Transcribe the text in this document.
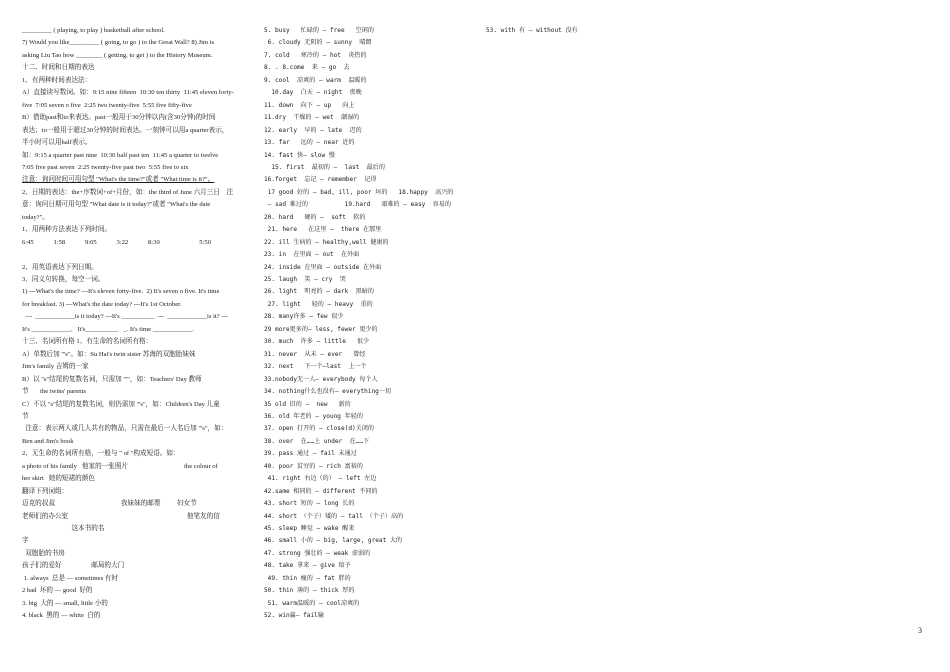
_________ ( playing, to play ) basketball after school.
7) Would you like_________ ( going, to go ) to the Great Wall? 8) Jim is
asking Liu Tao how ________ ( getting, to get ) to the History Museum.
十二、时间和日期的表达
1、有两种时间表达法：
A）直接读写数词。如：9:15 nine fifteen  10:30 ten thirty  11:45 eleven forty-
five  7:05 seven o five  2:25 two twenty-five  5:55 five fifty-five
B）借助past和to来表达。past一般用于30分钟以内(含30分钟)的时间
表达；to一般用于超过30分钟的时间表达。一刻钟可以用a quarter表示，
半小时可以用half表示。
如：9:15 a quarter past nine  10:30 half past ten  11:45 a quarter to twelve
7:05 five past seven  2:25 twenty-five past two  5:55 five to six
注意：询问时间可用句型 "What's the time?"或者 "What time is it?"。
2、日期的表达：the+序数词+of+月份，如：the third of June 六月三日    注
意：询问日期可用句型 "What date is it today?"或者 "What's the date
today?"。
1、用两种方法表达下列时间。
6:45            1:58            9:05            3:22            8:30                        5:50
2、用英语表达下列日期。
3、同义句转换，每空一词。
1) ---What's the time? ---It's eleven forty-five.  2) It's seven o five. It's time
for breakfast. 3) ---What's the date today? ---It's 1st October.
---  ____________is it today? ---It's __________  ---  ____________is it? ---
It's ____________.   It's__________   _. It's time ____________.
十三、名词所有格 1、有生命的名词所有格：
A）单数后加 "'s"。如：Su Hai's twin sister 苏海的双胞胎妹妹
Jim's family 吉姆的一家
B）以 "s"结尾的复数名词，只需加 "'"，如：Teachers' Day 教师
节       the twins' parents
C）不以 "s"结尾的复数名词，则仍需加 "'s"，如：Children's Day 儿童
节
注意：表示两人或几人共有的物品，只需在最后一人名后加 "'s"，如：
Ben and Jim's book
2、无生命的名词所有格，一般与 " of "构成短语。如：
a photo of his family   他家的一张照片                                  the colour of
her skirt   她的短裙的颜色
翻译下列词组：
迈克的叔叔                                        我妹妹的邮票          妇女节
老师们的办公室                                                                        他笔友的信
这本书的名
字
双胞胎的书房
孩子们的爱好                  邮局的大门
1. always  总是 — sometimes 有时
2 bad  坏的 — good  好的
3. big  大的 — small, little 小的
4. black  黑的 — white  白的
5. busy   忙碌的 — free   空闲的
6. cloudy 无阴的 — sunny  晴朗
7. cold   寒冷的 — hot  炎热的
8. . 8.come  来 — go  去
9. cool  凉爽的 — warm  温暖的
10.day  白天 — night  夜晚
11. down  向下 — up   向上
11.dry  干燥的 — wet  潮湿的
12. early  早的 — late  迟的
13. far   远的 — near 近的
14. fast 快— slow 慢
15. first  最初的 —  last  最后的
16.forget  忘记 — remember  记得
17 good 好的 — bad, ill, poor 坏的   18.happy  高兴的
— sad 难过的          19.hard   艰难的 — easy  容易的
20. hard   硬的 —  soft  软的
21. here   在这里 —  there 在那里
22. ill 生病的 — healthy,well 健康的
23. in  在里面 — out  在外面
24. inside 在里面 — outside 在外面
25. laugh  笑 — cry  哭
26. light  明亮的 — dark  黑暗的
27. light   轻的 — heavy  重的
28. many许多 — few 很少
29 more更多的— less, fewer 更少的
30. much  许多 — little   很少
31. never  从未 — ever   曾经
32. next   下一个—last  上一个
33.nobody无一人— everybody 每个人
34. nothing什么也没有— everything一切
35 old 旧的 —  new   新的
36. old 年老的 — young 年轻的
37. open 打开的 — close(d)关闭的
38. over  在……上 under  在……下
39. pass 通过 — fail 未通过
40. poor 贫穷的 — rich 富裕的
41. right 右边（的） — left 左边
42.same 相同的 — different 不同的
43. short 短的 — long 长的
44. short （个子）矮的 — tall （个子）高的
45. sleep 睡觉 — wake 醒来
46. small 小的 — big, large, great 大的
47. strong 强壮的 — weak 虚弱的
48. take 拿来 — give 给予
49. thin 瘦的 — fat 胖的
50. thin 薄的 — thick 厚的
51. warm温暖的 — cool凉爽的
52. win赢— fail输
53. with 有 — without 没有
3
